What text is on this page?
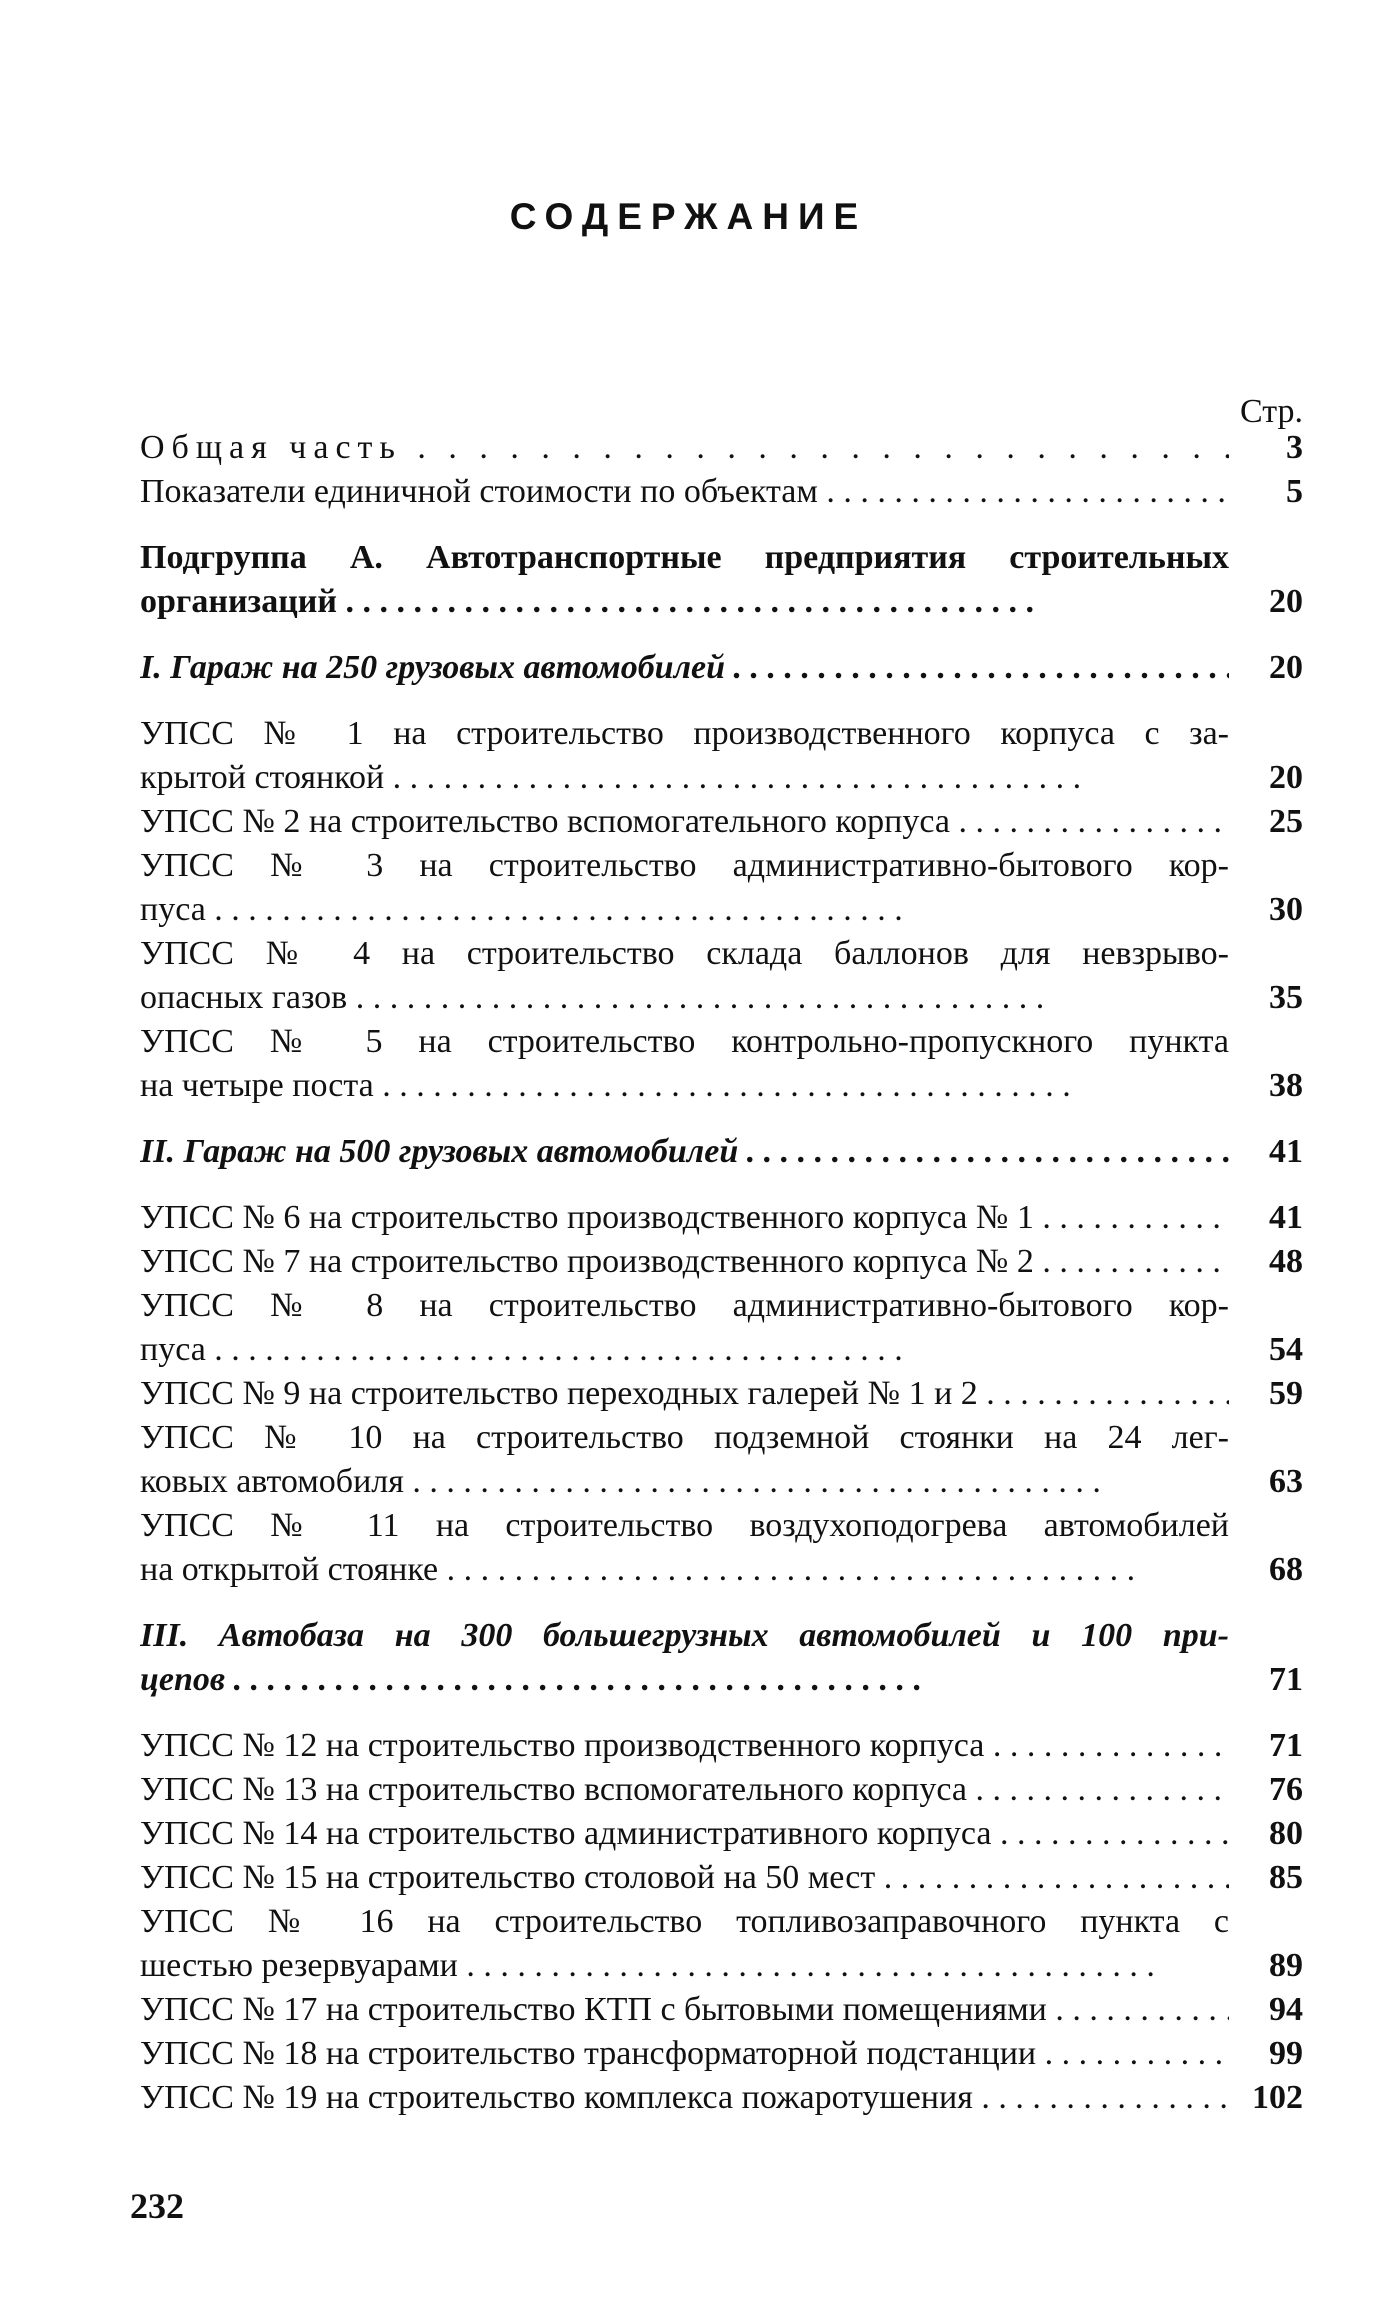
СОДЕРЖАНИЕ
Стр.
Общая часть . .	3
Показатели единичной стоимости по объектам . .	5
Подгруппа А. Автотранспортные предприятия строительных
организаций . .	20
I. Гараж на 250 грузовых автомобилей . .	20
УПСС № 1 на строительство производственного корпуса с за-
крытой стоянкой . .	20
УПСС № 2 на строительство вспомогательного корпуса . .	25
УПСС № 3 на строительство административно-бытового кор-
пуса . .	30
УПСС № 4 на строительство склада баллонов для невзрыво-
опасных газов . .	35
УПСС № 5 на строительство контрольно-пропускного пункта
на четыре поста . .	38
II. Гараж на 500 грузовых автомобилей . .	41
УПСС № 6 на строительство производственного корпуса № 1 . .	41
УПСС № 7 на строительство производственного корпуса № 2 . .	48
УПСС № 8 на строительство административно-бытового кор-
пуса . .	54
УПСС № 9 на строительство переходных галерей № 1 и 2 . .	59
УПСС № 10 на строительство подземной стоянки на 24 лег-
ковых автомобиля . .	63
УПСС № 11 на строительство воздухоподогрева автомобилей
на открытой стоянке . .	68
III. Автобаза на 300 большегрузных автомобилей и 100 при-
цепов . .	71
УПСС № 12 на строительство производственного корпуса . .	71
УПСС № 13 на строительство вспомогательного корпуса . .	76
УПСС № 14 на строительство административного корпуса . .	80
УПСС № 15 на строительство столовой на 50 мест . .	85
УПСС № 16 на строительство топливозаправочного пункта с
шестью резервуарами . .	89
УПСС № 17 на строительство КТП с бытовыми помещениями . .	94
УПСС № 18 на строительство трансформаторной подстанции . .	99
УПСС № 19 на строительство комплекса пожаротушения . .	102
232
